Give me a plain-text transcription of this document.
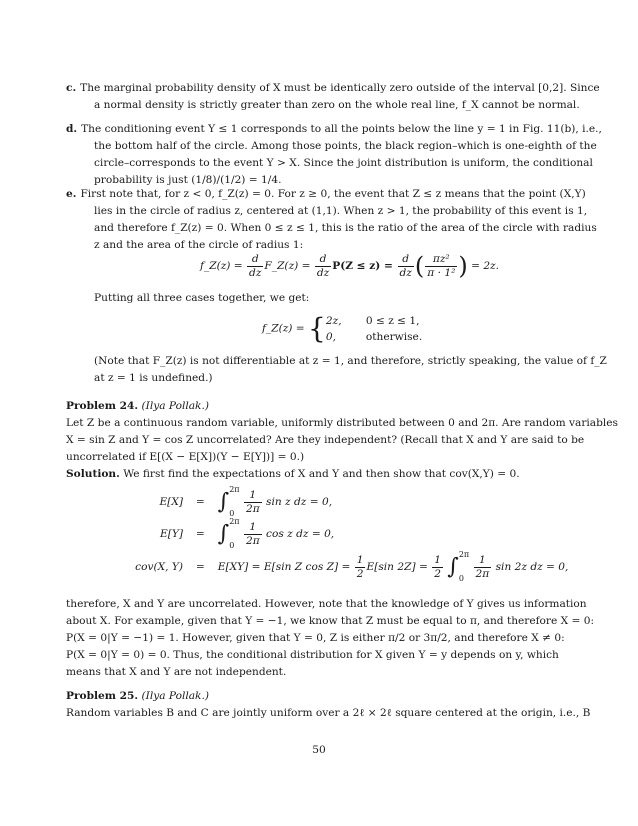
c. The marginal probability density of X must be identically zero outside of the interval [0,2]. Since
a normal density is strictly greater than zero on the whole real line, f_X cannot be normal.
d. The conditioning event Y ≤ 1 corresponds to all the points below the line y = 1 in Fig. 11(b), i.e.,
the bottom half of the circle. Among those points, the black region–which is one-eighth of the
circle–corresponds to the event Y > X. Since the joint distribution is uniform, the conditional
probability is just (1/8)/(1/2) = 1/4.
e. First note that, for z < 0, f_Z(z) = 0. For z ≥ 0, the event that Z ≤ z means that the point (X,Y)
lies in the circle of radius z, centered at (1,1). When z > 1, the probability of this event is 1,
and therefore f_Z(z) = 0. When 0 ≤ z ≤ 1, this is the ratio of the area of the circle with radius
z and the area of the circle of radius 1:
f_Z(z) = $\frac{d}{dz}$ F_Z(z) = $\frac{d}{dz} P(Z \le z) = \frac{d}{dz}$ ( $\frac{\text{πz²}}{\text{π · 1²}}$ ) = 2z.
Putting all three cases together, we get:
f_Z(z) = { 2z, 0 ≤ z ≤ 1,
0,	otherwise.
(Note that F_Z(z) is not differentiable at z = 1, and therefore, strictly speaking, the value of f_Z
at z = 1 is undefined.)
Problem 24. (Ilya Pollak.)
Let Z be a continuous random variable, uniformly distributed between 0 and 2π. Are random variables
X = sin Z and Y = cos Z uncorrelated? Are they independent? (Recall that X and Y are said to be
uncorrelated if E[(X − E[X])(Y − E[Y])] = 0.)
Solution. We first find the expectations of X and Y and then show that cov(X,Y) = 0.
E[X] = ∫ 2π
0
$\frac{1}{2\pi}$ sin z dz = 0,
E[Y] = ∫ 2π
0
$\frac{1}{2\pi}$ cos z dz = 0,
cov(X, Y) = E[XY] = E[sin Z $\cos Z] = \frac{1}{2} E[\sin$ $2Z] = \frac{1}{2}$ ∫ 2π
0
$\frac{1}{2\pi}$ sin 2z dz = 0,
therefore, X and Y are uncorrelated. However, note that the knowledge of Y gives us information
about X. For example, given that Y = −1, we know that Z must be equal to π, and therefore X = 0:
P(X = 0|Y = −1) = 1. However, given that Y = 0, Z is either π/2 or 3π/2, and therefore X ≠ 0:
P(X = 0|Y = 0) = 0. Thus, the conditional distribution for X given Y = y depends on y, which
means that X and Y are not independent.
Problem 25. (Ilya Pollak.)
Random variables B and C are jointly uniform over a 2ℓ × 2ℓ square centered at the origin, i.e., B
50
